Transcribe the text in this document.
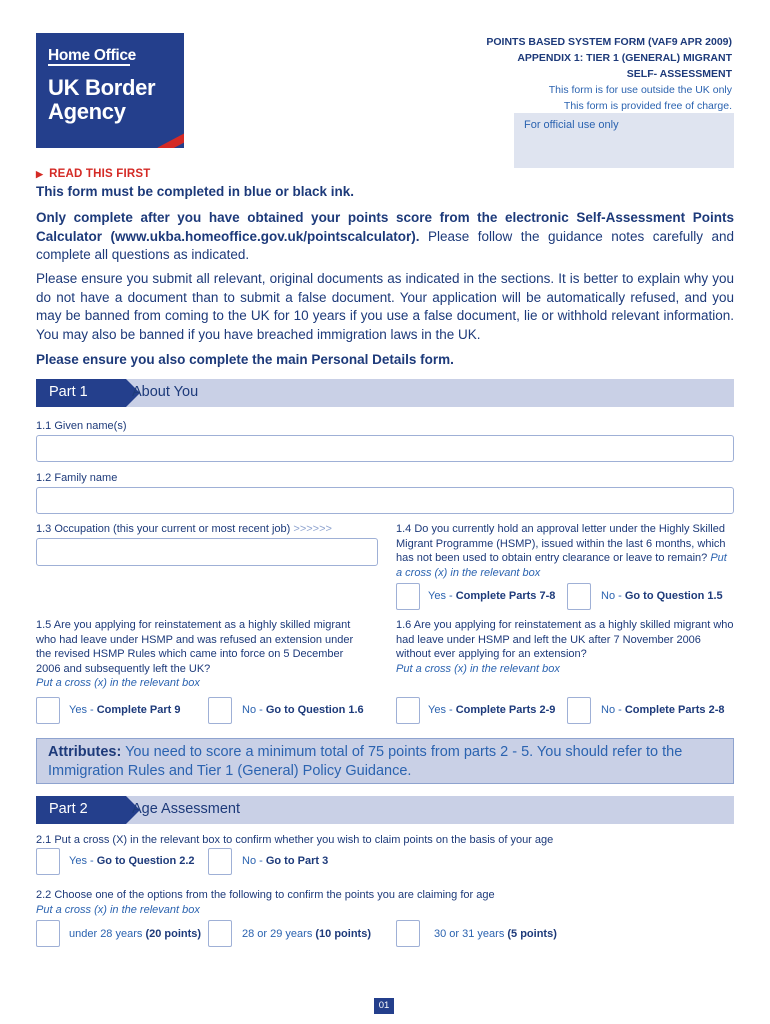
Home Office
UK Border
Agency
POINTS BASED SYSTEM FORM (VAF9 APR 2009)
APPENDIX 1: TIER 1 (GENERAL) MIGRANT
SELF- ASSESSMENT
This form is for use outside the UK only
This form is provided free of charge.
For official use only
▶ READ THIS FIRST
This form must be completed in blue or black ink.
Only complete after you have obtained your points score from the electronic Self-Assessment Points Calculator (www.ukba.homeoffice.gov.uk/pointscalculator). Please follow the guidance notes carefully and complete all questions as indicated.
Please ensure you submit all relevant, original documents as indicated in the sections. It is better to explain why you do not have a document than to submit a false document. Your application will be automatically refused, and you may be banned from coming to the UK for 10 years if you use a false document, lie or withhold relevant information. You may also be banned if you have breached immigration laws in the UK.
Please ensure you also complete the main Personal Details form.
Part 1	About You
1.1 Given name(s)
1.2 Family name
1.3 Occupation (this your current or most recent job) >>>>>>	1.4 Do you currently hold an approval letter under the Highly Skilled Migrant Programme (HSMP), issued within the last 6 months, which has not been used to obtain entry clearance or leave to remain? Put a cross (x) in the relevant box
Yes - Complete Parts 7-8	No - Go to Question 1.5
1.5 Are you applying for reinstatement as a highly skilled migrant who had leave under HSMP and was refused an extension under the revised HSMP Rules which came into force on 5 December 2006 and subsequently left the UK?
Put a cross (x) in the relevant box
Yes - Complete Part 9	No - Go to Question 1.6
1.6 Are you applying for reinstatement as a highly skilled migrant who had leave under HSMP and left the UK after 7 November 2006 without ever applying for an extension?
Put a cross (x) in the relevant box
Yes - Complete Parts 2-9	No - Complete Parts 2-8
Attributes: You need to score a minimum total of 75 points from parts 2 - 5. You should refer to the Immigration Rules and Tier 1 (General) Policy Guidance.
Part 2	Age Assessment
2.1 Put a cross (X) in the relevant box to confirm whether you wish to claim points on the basis of your age
Yes - Go to Question 2.2	No - Go to Part 3
2.2 Choose one of the options from the following to confirm the points you are claiming for age
Put a cross (x) in the relevant box
under 28 years (20 points)	28 or 29 years (10 points)	30 or 31 years (5 points)
01
